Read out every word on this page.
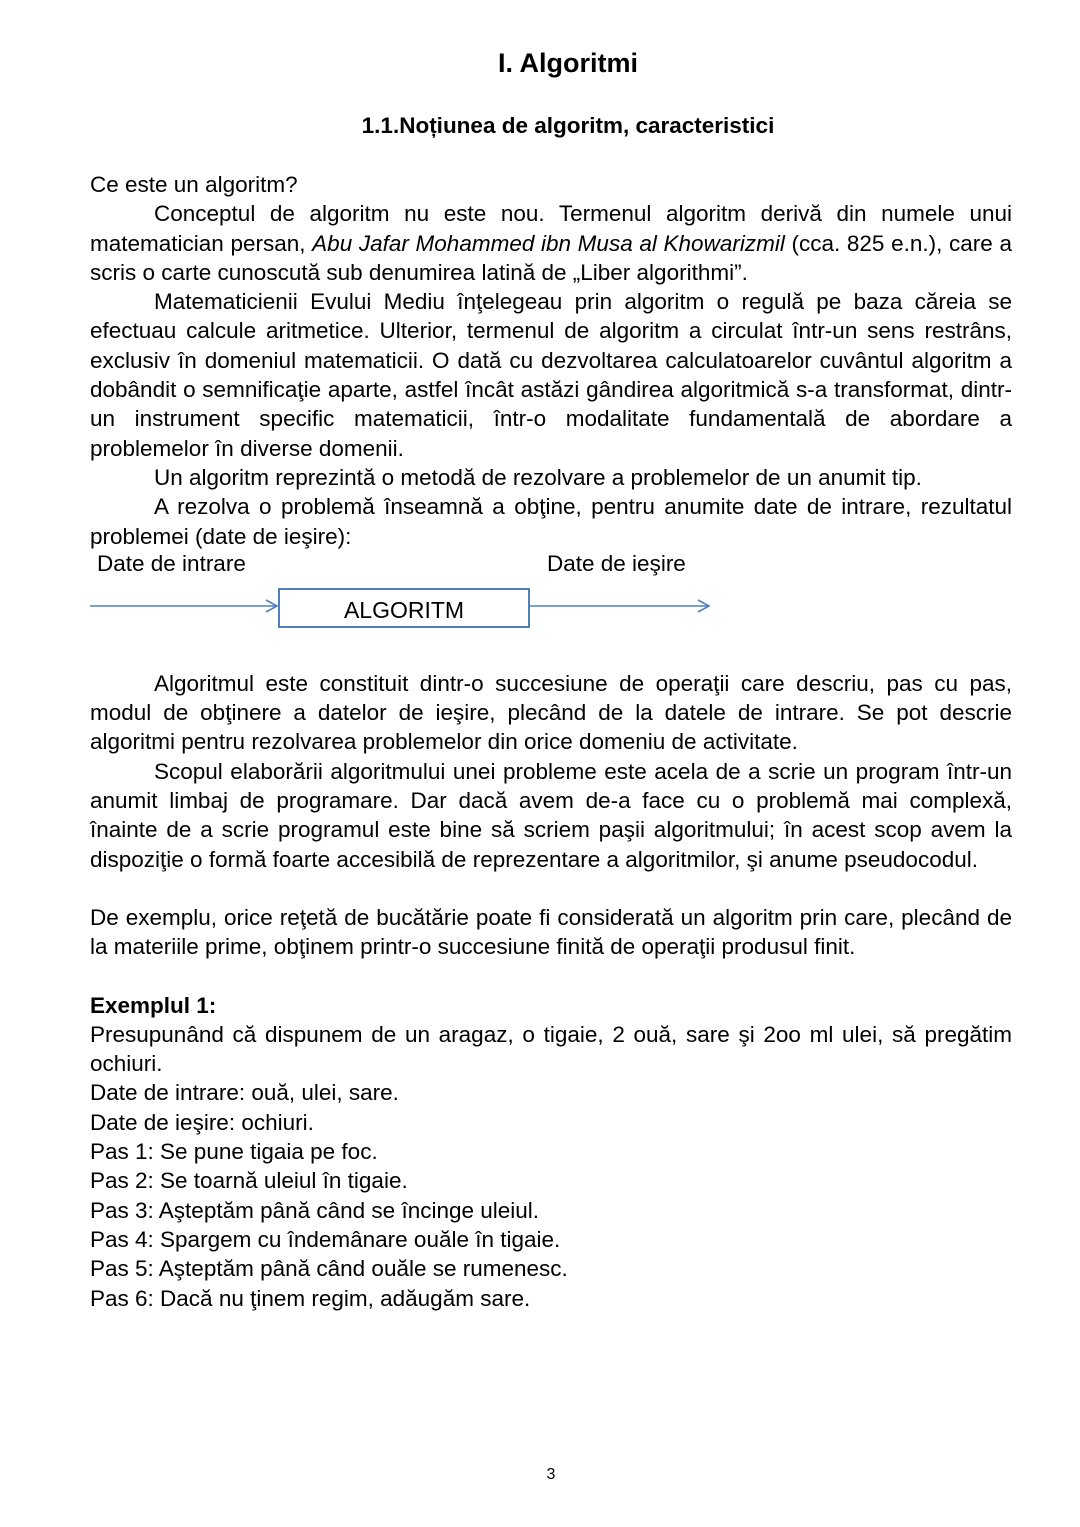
I. Algoritmi
1.1.Noțiunea de algoritm, caracteristici

Ce este un algoritm?

Conceptul de algoritm nu este nou. Termenul algoritm derivă din numele unui matematician persan, Abu Jafar Mohammed ibn Musa al Khowarizmil (cca. 825 e.n.), care a scris o carte cunoscută sub denumirea latină de „Liber algorithmi”.

Matematicienii Evului Mediu înţelegeau prin algoritm o regulă pe baza căreia se efectuau calcule aritmetice. Ulterior, termenul de algoritm a circulat într-un sens restrâns, exclusiv în domeniul matematicii. O dată cu dezvoltarea calculatoarelor cuvântul algoritm a dobândit o semnificaţie aparte, astfel încât astăzi gândirea algoritmică s-a transformat, dintr-un instrument specific matematicii, într-o modalitate fundamentală de abordare a problemelor în diverse domenii.

Un algoritm reprezintă o metodă de rezolvare a problemelor de un anumit tip.

A rezolva o problemă înseamnă a obţine, pentru anumite date de intrare, rezultatul problemei (date de ieşire):

Date de intrare
ALGORITM
Date de ieşire

Algoritmul este constituit dintr-o succesiune de operaţii care descriu, pas cu pas, modul de obţinere a datelor de ieşire, plecând de la datele de intrare. Se pot descrie algoritmi pentru rezolvarea problemelor din orice domeniu de activitate.

Scopul elaborării algoritmului unei probleme este acela de a scrie un program într-un anumit limbaj de programare. Dar dacă avem de-a face cu o problemă mai complexă, înainte de a scrie programul este bine să scriem paşii algoritmului; în acest scop avem la dispoziţie o formă foarte accesibilă de reprezentare a algoritmilor, şi anume pseudocodul.

De exemplu, orice reţetă de bucătărie poate fi considerată un algoritm prin care, plecând de la materiile prime, obţinem printr-o succesiune finită de operaţii produsul finit.

Exemplul 1:

Presupunând că dispunem de un aragaz, o tigaie, 2 ouă, sare şi 2oo ml ulei, să pregătim ochiuri.

Date de intrare: ouă, ulei, sare.

Date de ieşire: ochiuri.

Pas 1: Se pune tigaia pe foc.

Pas 2: Se toarnă uleiul în tigaie.

Pas 3: Aşteptăm până când se încinge uleiul.

Pas 4: Spargem cu îndemânare ouăle în tigaie.

Pas 5: Aşteptăm până când ouăle se rumenesc.

Pas 6: Dacă nu ţinem regim, adăugăm sare.

3
